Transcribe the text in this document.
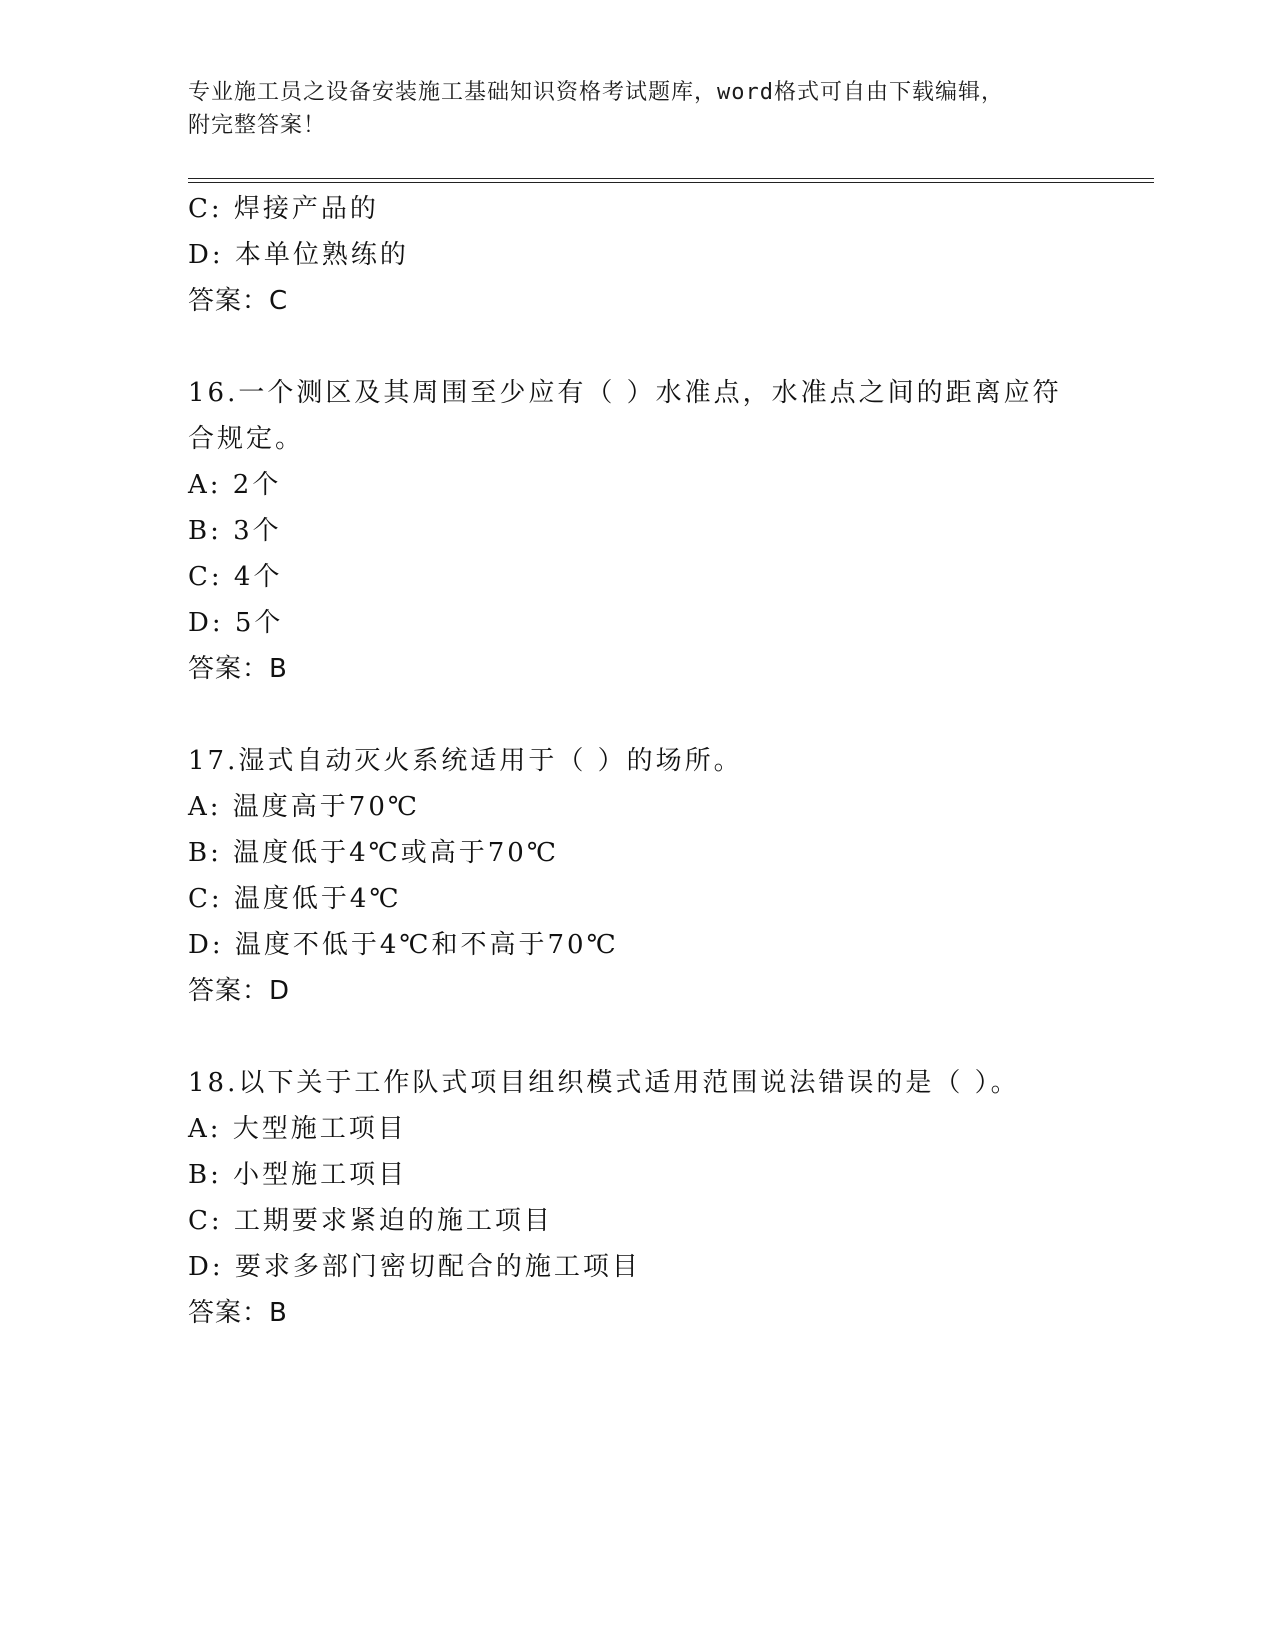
专业施工员之设备安装施工基础知识资格考试题库，word格式可自由下载编辑，
附完整答案！
C: 焊接产品的
D: 本单位熟练的
答案：C
16.一个测区及其周围至少应有（ ）水准点，水准点之间的距离应符
合规定。
A: 2个
B: 3个
C: 4个
D: 5个
答案：B
17.湿式自动灭火系统适用于（ ）的场所。
A: 温度高于70℃
B: 温度低于4℃或高于70℃
C: 温度低于4℃
D: 温度不低于4℃和不高于70℃
答案：D
18.以下关于工作队式项目组织模式适用范围说法错误的是（ ）。
A: 大型施工项目
B: 小型施工项目
C: 工期要求紧迫的施工项目
D: 要求多部门密切配合的施工项目
答案：B
